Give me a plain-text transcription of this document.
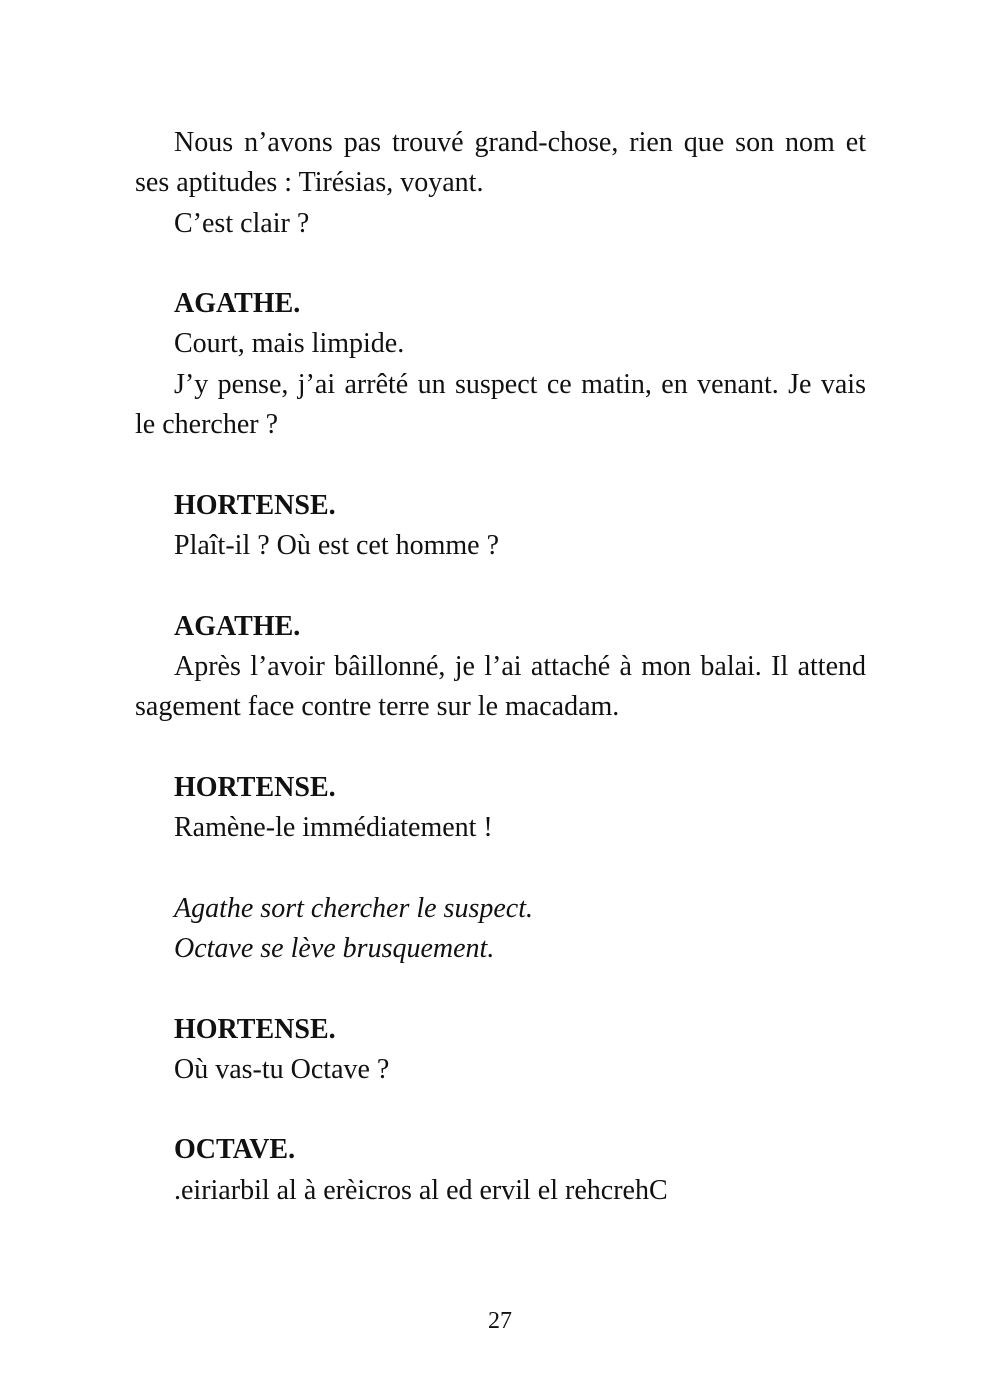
Nous n’avons pas trouvé grand-chose, rien que son nom et ses aptitudes : Tirésias, voyant.

C’est clair ?

AGATHE.

Court, mais limpide.

J’y pense, j’ai arrêté un suspect ce matin, en venant. Je vais le chercher ?

HORTENSE.

Plaît-il ? Où est cet homme ?

AGATHE.

Après l’avoir bâillonné, je l’ai attaché à mon balai. Il attend sagement face contre terre sur le macadam.

HORTENSE.

Ramène-le immédiatement !

Agathe sort chercher le suspect.

Octave se lève brusquement.

HORTENSE.

Où vas-tu Octave ?

OCTAVE.

.eiriarbil al à erèicros al ed ervil el rehcrehC

27
